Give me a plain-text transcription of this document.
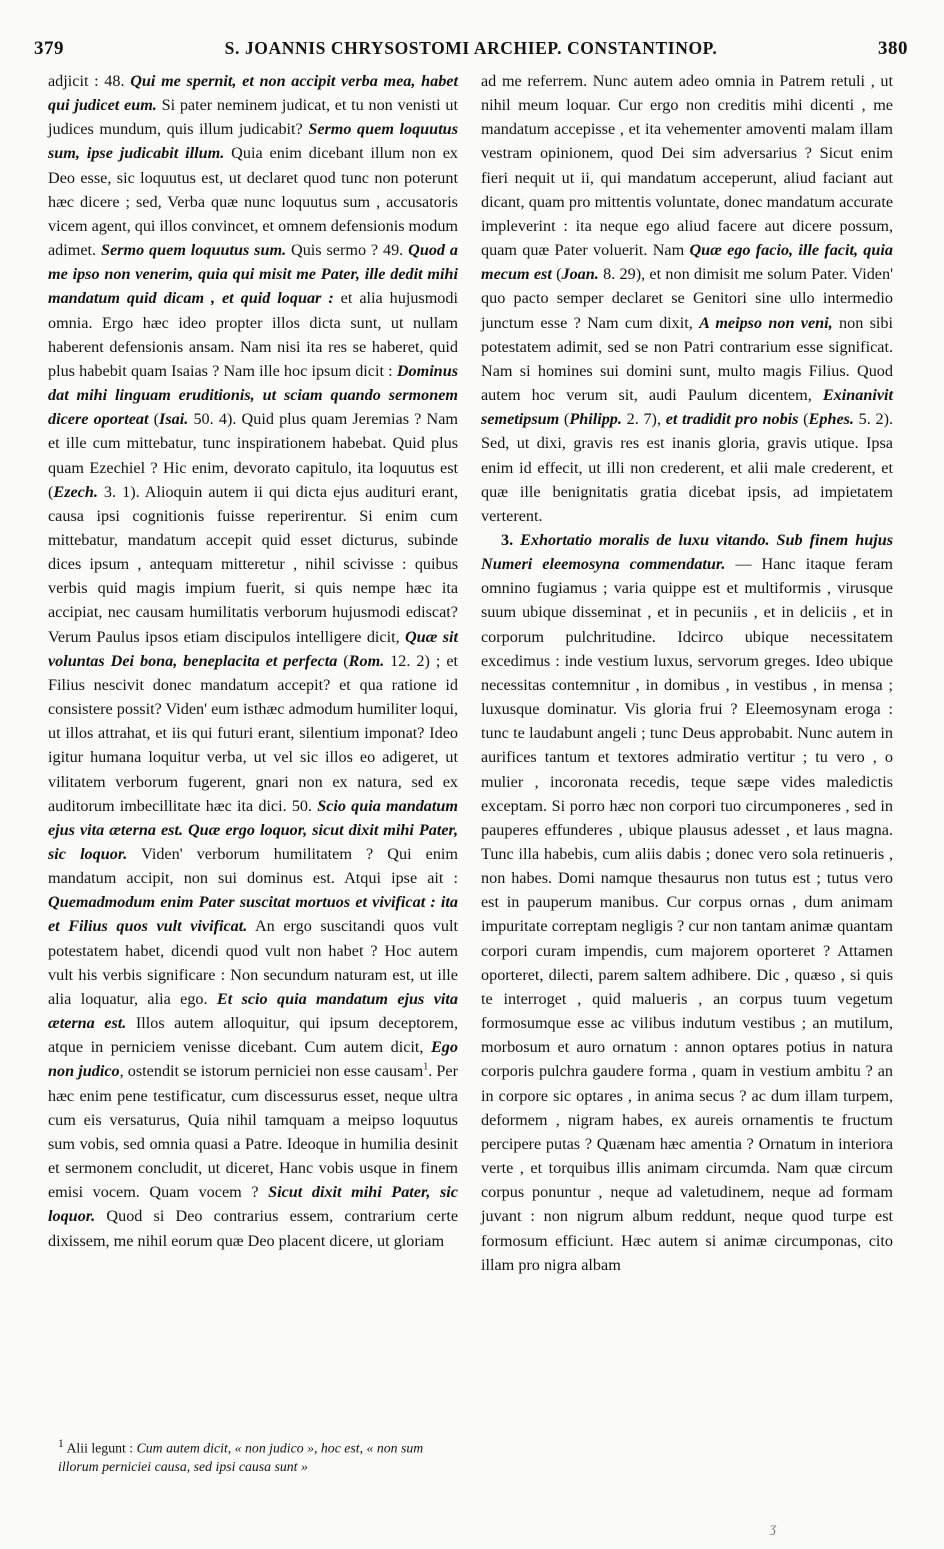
379	S. JOANNIS CHRYSOSTOMI ARCHIEP. CONSTANTINOP.	380

adjicit : 48. Qui me spernit, et non accipit verba mea, habet qui judicet eum. Si pater neminem judicat, et tu non venisti ut judices mundum, quis illum judicabit? Sermo quem loquutus sum, ipse judicabit illum. Quia enim dicebant illum non ex Deo esse, sic loquutus est, ut declaret quod tunc non poterunt hæc dicere ; sed, Verba quæ nunc loquutus sum , accusatoris vicem agent, qui illos convincet, et omnem defensionis modum adimet. Sermo quem loquutus sum. Quis sermo ? 49. Quod a me ipso non venerim, quia qui misit me Pater, ille dedit mihi mandatum quid dicam , et quid loquar : et alia hujusmodi omnia. Ergo hæc ideo propter illos dicta sunt, ut nullam haberent defensionis ansam. Nam nisi ita res se haberet, quid plus habebit quam Isaias ? Nam ille hoc ipsum dicit : Dominus dat mihi linguam eruditionis, ut sciam quando sermonem dicere oporteat (Isai. 50. 4). Quid plus quam Jeremias ? Nam et ille cum mittebatur, tunc inspirationem habebat. Quid plus quam Ezechiel ? Hic enim, devorato capitulo, ita loquutus est (Ezech. 3. 1). Alioquin autem ii qui dicta ejus audituri erant, causa ipsi cognitionis fuisse reperirentur. Si enim cum mittebatur, mandatum accepit quid esset dicturus, subinde dices ipsum , antequam mitteretur , nihil scivisse : quibus verbis quid magis impium fuerit, si quis nempe hæc ita accipiat, nec causam humilitatis verborum hujusmodi ediscat? Verum Paulus ipsos etiam discipulos intelligere dicit, Quæ sit voluntas Dei bona, beneplacita et perfecta (Rom. 12. 2) ; et Filius nescivit donec mandatum accepit? et qua ratione id consistere possit? Viden' eum isthæc admodum humiliter loqui, ut illos attrahat, et iis qui futuri erant, silentium imponat? Ideo igitur humana loquitur verba, ut vel sic illos eo adigeret, ut vilitatem verborum fugerent, gnari non ex natura, sed ex auditorum imbecillitate hæc ita dici. 50. Scio quia mandatum ejus vita æterna est. Quæ ergo loquor, sicut dixit mihi Pater, sic loquor. Viden' verborum humilitatem ? Qui enim mandatum accipit, non sui dominus est. Atqui ipse ait : Quemadmodum enim Pater suscitat mortuos et vivificat : ita et Filius quos vult vivificat. An ergo suscitandi quos vult potestatem habet, dicendi quod vult non habet ? Hoc autem vult his verbis significare : Non secundum naturam est, ut ille alia loquatur, alia ego. Et scio quia mandatum ejus vita æterna est. Illos autem alloquitur, qui ipsum deceptorem, atque in perniciem venisse dicebant. Cum autem dicit, Ego non judico, ostendit se istorum perniciei non esse causam$^1$. Per hæc enim pene testificatur, cum discessurus esset, neque ultra cum eis versaturus, Quia nihil tamquam a meipso loquutus sum vobis, sed omnia quasi a Patre. Ideoque in humilia desinit et sermonem concludit, ut diceret, Hanc vobis usque in finem emisi vocem. Quam vocem ? Sicut dixit mihi Pater, sic loquor. Quod si Deo contrarius essem, contrarium certe dixissem, me nihil eorum quæ Deo placent dicere, ut gloriam

ad me referrem. Nunc autem adeo omnia in Patrem retuli , ut nihil meum loquar. Cur ergo non creditis mihi dicenti , me mandatum accepisse , et ita vehementer amoventi malam illam vestram opinionem, quod Dei sim adversarius ? Sicut enim fieri nequit ut ii, qui mandatum acceperunt, aliud faciant aut dicant, quam pro mittentis voluntate, donec mandatum accurate impleverint : ita neque ego aliud facere aut dicere possum, quam quæ Pater voluerit. Nam Quæ ego facio, ille facit, quia mecum est (Joan. 8. 29), et non dimisit me solum Pater. Viden' quo pacto semper declaret se Genitori sine ullo intermedio junctum esse ? Nam cum dixit, A meipso non veni, non sibi potestatem adimit, sed se non Patri contrarium esse significat. Nam si homines sui domini sunt, multo magis Filius. Quod autem hoc verum sit, audi Paulum dicentem, Exinanivit semetipsum (Philipp. 2. 7), et tradidit pro nobis (Ephes. 5. 2). Sed, ut dixi, gravis res est inanis gloria, gravis utique. Ipsa enim id effecit, ut illi non crederent, et alii male crederent, et quæ ille benignitatis gratia dicebat ipsis, ad impietatem verterent.

3. Exhortatio moralis de luxu vitando. Sub finem hujus Numeri eleemosyna commendatur. — Hanc itaque feram omnino fugiamus ; varia quippe est et multiformis , virusque suum ubique disseminat , et in pecuniis , et in deliciis , et in corporum pulchritudine. Idcirco ubique necessitatem excedimus : inde vestium luxus, servorum greges. Ideo ubique necessitas contemnitur , in domibus , in vestibus , in mensa ; luxusque dominatur. Vis gloria frui ? Eleemosynam eroga : tunc te laudabunt angeli ; tunc Deus approbabit. Nunc autem in aurifices tantum et textores admiratio vertitur ; tu vero , o mulier , incoronata recedis, teque sæpe vides maledictis exceptam. Si porro hæc non corpori tuo circumponeres , sed in pauperes effunderes , ubique plausus adesset , et laus magna. Tunc illa habebis, cum aliis dabis ; donec vero sola retinueris , non habes. Domi namque thesaurus non tutus est ; tutus vero est in pauperum manibus. Cur corpus ornas , dum animam impuritate correptam negligis ? cur non tantam animæ quantam corpori curam impendis, cum majorem oporteret ? Attamen oporteret, dilecti, parem saltem adhibere. Dic , quæso , si quis te interroget , quid malueris , an corpus tuum vegetum formosumque esse ac vilibus indutum vestibus ; an mutilum, morbosum et auro ornatum : annon optares potius in natura corporis pulchra gaudere forma , quam in vestium ambitu ? an in corpore sic optares , in anima secus ? ac dum illam turpem, deformem , nigram habes, ex aureis ornamentis te fructum percipere putas ? Quænam hæc amentia ? Ornatum in interiora verte , et torquibus illis animam circumda. Nam quæ circum corpus ponuntur , neque ad valetudinem, neque ad formam juvant : non nigrum album reddunt, neque quod turpe est formosum efficiunt. Hæc autem si animæ circumponas, cito illam pro nigra albam

$^1$ Alii legunt : Cum autem dicit, « non judico », hoc est, « non sum illorum perniciei causa, sed ipsi causa sunt »
ʒ
